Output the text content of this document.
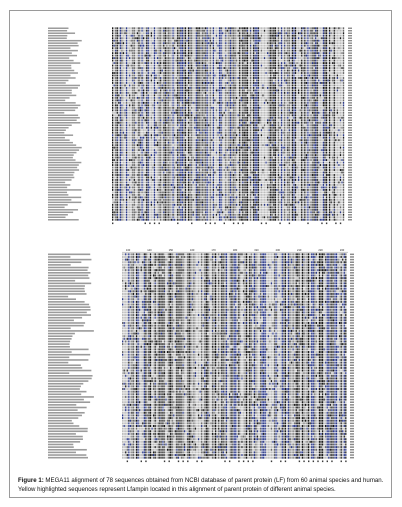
130	140	150	160	170	180	190	200	210	220	230
Figure 1: MEGA11 alignment of 78 sequences obtained from NCBI database of parent protein (LF) from 60 animal species and human. Yellow highlighted sequences represent Lfampin located in this alignment of parent protein of different animal species.
